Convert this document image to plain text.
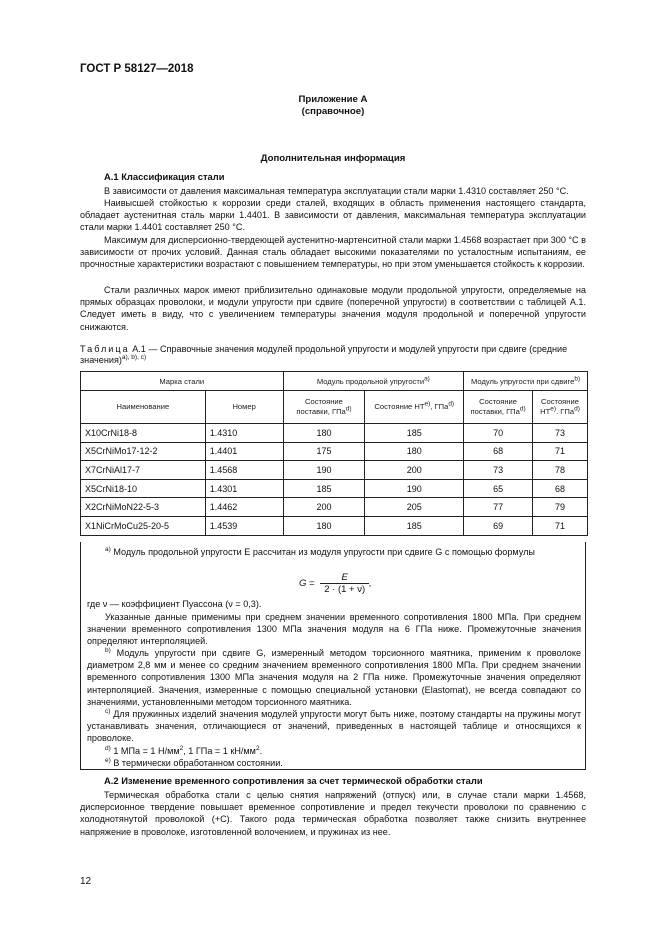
ГОСТ Р 58127—2018
Приложение А
(справочное)
Дополнительная информация
А.1 Классификация стали
В зависимости от давления максимальная температура эксплуатации стали марки 1.4310 составляет 250 °С.
Наивысшей стойкостью к коррозии среди сталей, входящих в область применения настоящего стандарта, обладает аустенитная сталь марки 1.4401. В зависимости от давления, максимальная температура эксплуатации стали марки 1.4401 составляет 250 °С.
Максимум для дисперсионно-твердеющей аустенитно-мартенситной стали марки 1.4568 возрастает при 300 °С в зависимости от прочих условий. Данная сталь обладает высокими показателями по усталостным испытаниям, ее прочностные характеристики возрастают с повышением температуры, но при этом уменьшается стойкость к коррозии.
Стали различных марок имеют приблизительно одинаковые модули продольной упругости, определяемые на прямых образцах проволоки, и модули упругости при сдвиге (поперечной упругости) в соответствии с таблицей А.1. Следует иметь в виду, что с увеличением температуры значения модуля продольной и поперечной упругости снижаются.
Таблица А.1 — Справочные значения модулей продольной упругости и модулей упругости при сдвиге (средние значения)$^{a), b), c)}$
Марка стали		Модуль продольной упругости$^{a)}$		Модуль упругости при сдвиге$^{b)}$
Наименование	Номер	Состояние поставки, ГПа$^{d)}$	Состояние НТ$^{e)}$, ГПа$^{d)}$	Состояние поставки, ГПа$^{d)}$	Состояние НТ$^{e)}$. ГПа$^{d)}$
X10CrNi18-8	1.4310	180	185	70	73
X5CrNiMo17-12-2	1.4401	175	180	68	71
X7CrNiAl17-7	1.4568	190	200	73	78
X5CrNi18-10	1.4301	185	190	65	68
X2CrNiMoN22-5-3	1.4462	200	205	77	79
X1NiCrMoCu25-20-5	1.4539	180	185	69	71
$^{a)}$ Модуль продольной упругости E рассчитан из модуля упругости при сдвиге G с помощью формулы
$G = \frac{E}{2 \cdot (1 + \nu)}$ ,
где ν — коэффициент Пуассона (ν = 0,3).
Указанные данные применимы при среднем значении временного сопротивления 1800 МПа. При среднем значении временного сопротивления 1300 МПа значения модуля на 6 ГПа ниже. Промежуточные значения определяют интерполяцией.
$^{b)}$ Модуль упругости при сдвиге G, измеренный методом торсионного маятника, применим к проволоке диаметром 2,8 мм и менее со средним значением временного сопротивления 1800 МПа. При среднем значении временного сопротивления 1300 МПа значения модуля на 2 ГПа ниже. Промежуточные значения определяют интерполяцией. Значения, измеренные с помощью специальной установки (Elastomat), не всегда совпадают со значениями, установленными методом торсионного маятника.
$^{c)}$ Для пружинных изделий значения модулей упругости могут быть ниже, поэтому стандарты на пружины могут устанавливать значения, отличающиеся от значений, приведенных в настоящей таблице и относящихся к проволоке.
$^{d)}$ 1 МПа = 1 $Н/мм^2$, 1 ГПа = 1 $кН/мм^2$.
$^{e)}$ В термически обработанном состоянии.
А.2 Изменение временного сопротивления за счет термической обработки стали
Термическая обработка стали с целью снятия напряжений (отпуск) или, в случае стали марки 1.4568, дисперсионное твердение повышает временное сопротивление и предел текучести проволоки по сравнению с холоднотянутой проволокой (+С). Такого рода термическая обработка позволяет также снизить внутреннее напряжение в проволоке, изготовленной волочением, и пружинах из нее.
12
